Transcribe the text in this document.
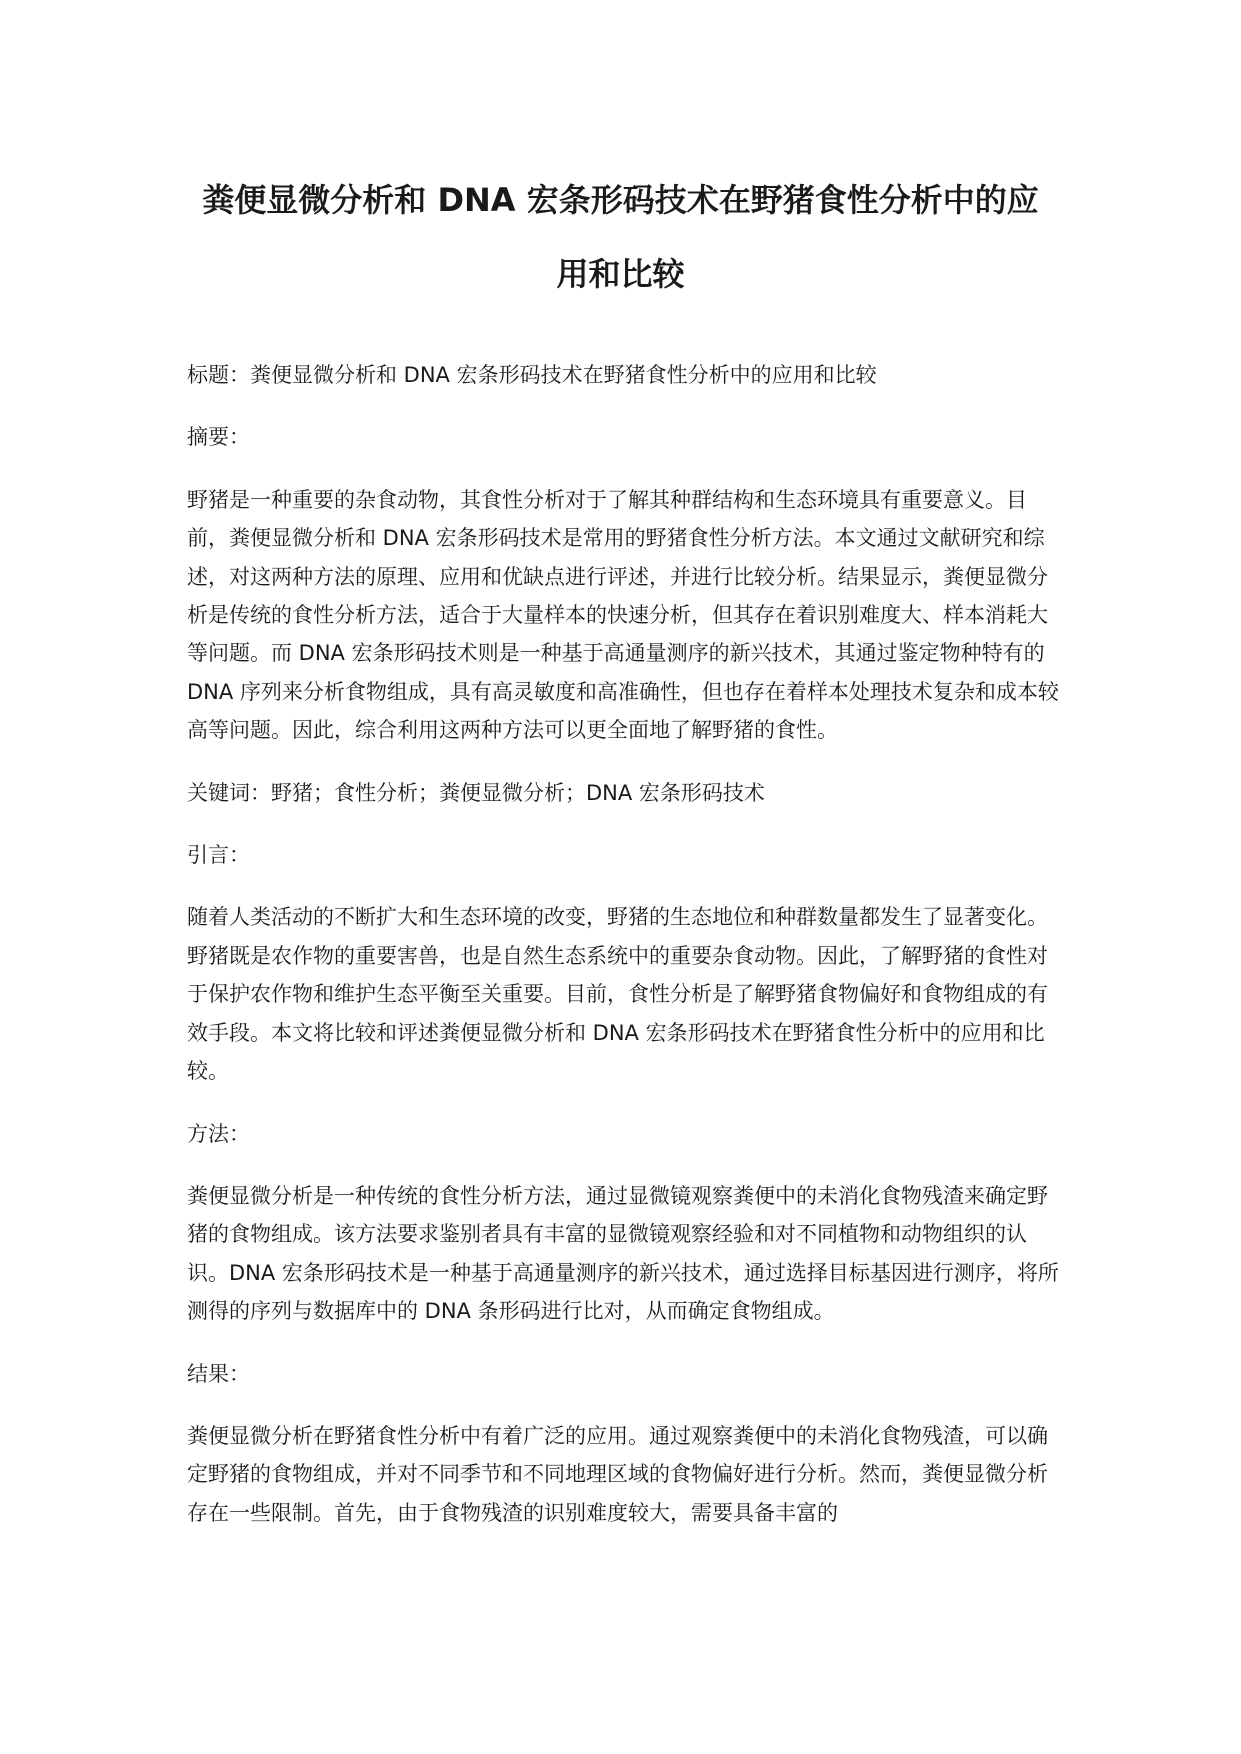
粪便显微分析和 DNA 宏条形码技术在野猪食性分析中的应
用和比较

标题：粪便显微分析和 DNA 宏条形码技术在野猪食性分析中的应用和比较

摘要：

野猪是一种重要的杂食动物，其食性分析对于了解其种群结构和生态环境具有重要意义。目前，粪便显微分析和 DNA 宏条形码技术是常用的野猪食性分析方法。本文通过文献研究和综述，对这两种方法的原理、应用和优缺点进行评述，并进行比较分析。结果显示，粪便显微分析是传统的食性分析方法，适合于大量样本的快速分析，但其存在着识别难度大、样本消耗大等问题。而 DNA 宏条形码技术则是一种基于高通量测序的新兴技术，其通过鉴定物种特有的 DNA 序列来分析食物组成，具有高灵敏度和高准确性，但也存在着样本处理技术复杂和成本较高等问题。因此，综合利用这两种方法可以更全面地了解野猪的食性。

关键词：野猪；食性分析；粪便显微分析；DNA 宏条形码技术

引言：

随着人类活动的不断扩大和生态环境的改变，野猪的生态地位和种群数量都发生了显著变化。野猪既是农作物的重要害兽，也是自然生态系统中的重要杂食动物。因此，了解野猪的食性对于保护农作物和维护生态平衡至关重要。目前，食性分析是了解野猪食物偏好和食物组成的有效手段。本文将比较和评述粪便显微分析和 DNA 宏条形码技术在野猪食性分析中的应用和比较。

方法：

粪便显微分析是一种传统的食性分析方法，通过显微镜观察粪便中的未消化食物残渣来确定野猪的食物组成。该方法要求鉴别者具有丰富的显微镜观察经验和对不同植物和动物组织的认识。DNA 宏条形码技术是一种基于高通量测序的新兴技术，通过选择目标基因进行测序，将所测得的序列与数据库中的 DNA 条形码进行比对，从而确定食物组成。

结果：

粪便显微分析在野猪食性分析中有着广泛的应用。通过观察粪便中的未消化食物残渣，可以确定野猪的食物组成，并对不同季节和不同地理区域的食物偏好进行分析。然而，粪便显微分析存在一些限制。首先，由于食物残渣的识别难度较大，需要具备丰富的
